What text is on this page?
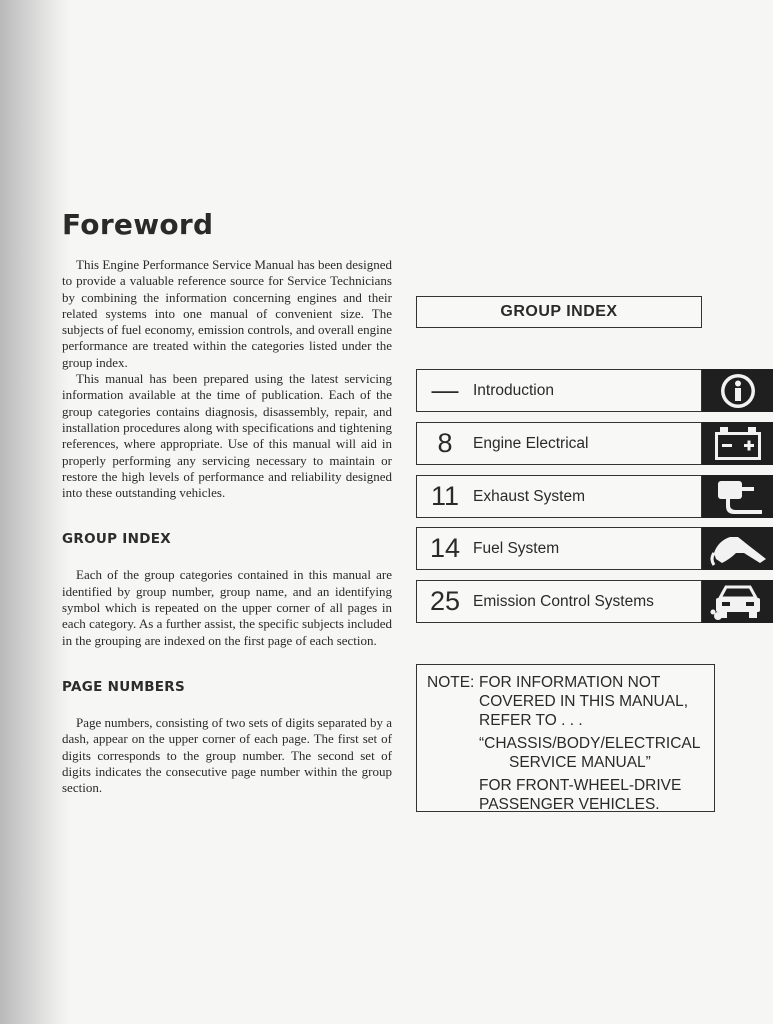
Foreword

This Engine Performance Service Manual has been designed to provide a valuable reference source for Service Technicians by combining the information concerning engines and their related systems into one manual of convenient size. The subjects of fuel economy, emission controls, and overall engine performance are treated within the categories listed under the group index.

This manual has been prepared using the latest servicing information available at the time of publication. Each of the group categories contains diagnosis, disassembly, repair, and installation procedures along with specifications and tightening references, where appropriate. Use of this manual will aid in properly performing any servicing necessary to maintain or restore the high levels of performance and reliability designed into these outstanding vehicles.

GROUP INDEX

Each of the group categories contained in this manual are identified by group number, group name, and an identifying symbol which is repeated on the upper corner of all pages in each category. As a further assist, the specific subjects included in the grouping are indexed on the first page of each section.

PAGE NUMBERS

Page numbers, consisting of two sets of digits separated by a dash, appear on the upper corner of each page. The first set of digits corresponds to the group number. The second set of digits indicates the consecutive page number within the group section.

GROUP INDEX
— Introduction
8	Engine Electrical
11 Exhaust System
14 Fuel System
25 Emission Control Systems
NOTE: FOR INFORMATION NOT
COVERED IN THIS MANUAL,
REFER TO . . .
“CHASSIS/BODY/ELECTRICAL
SERVICE MANUAL”
FOR FRONT-WHEEL-DRIVE
PASSENGER VEHICLES.
